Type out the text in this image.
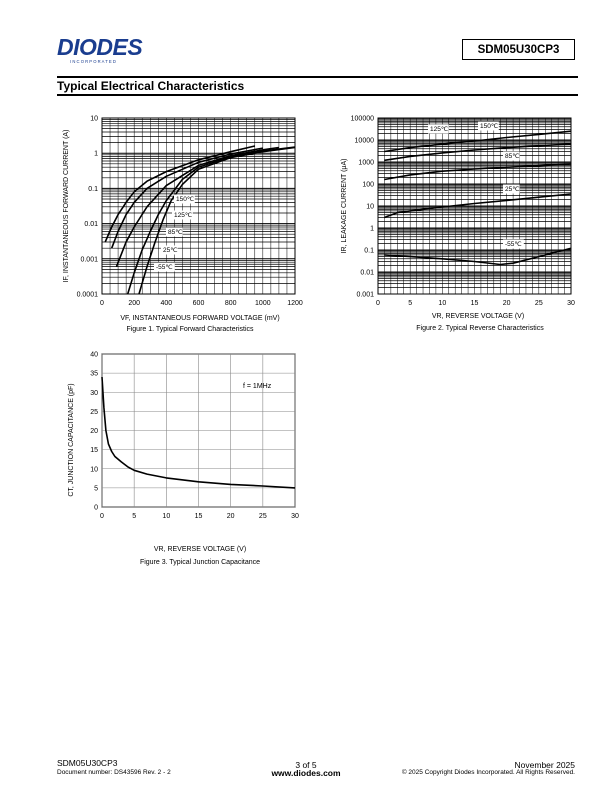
DIODES
I N C O R P O R A T E D
SDM05U30CP3
Typical Electrical Characteristics
0	200	400	600	800	1000 1200
0.0001
0.001
0.01
0.1
1
10
VF, INSTANTANEOUS FORWARD VOLTAGE (mV)
IF, INSTANTANEOUS FORWARD CURRENT (A)
Figure 1. Typical Forward Characteristics
150℃
125℃
85℃
25℃
-55℃
0	5	10	15	20	25	30
0.001
0.01
0.1
1
10
100
1000
10000
100000
VR, REVERSE VOLTAGE (V)
IR, LEAKAGE CURRENT (μA)
Figure 2. Typical Reverse Characteristics
125℃	150℃
85℃
25℃
-55℃
0	5	10	15	20	25	30
0
5
10
15
20
25
30
35
40
VR, REVERSE VOLTAGE (V)
CT, JUNCTION CAPACITANCE (pF)
Figure 3. Typical Junction Capacitance
f = 1MHz
SDM05U30CP3
Document number: DS43596 Rev. 2 - 2
3 of 5
www.diodes.com
November 2025
© 2025 Copyright Diodes Incorporated. All Rights Reserved.
